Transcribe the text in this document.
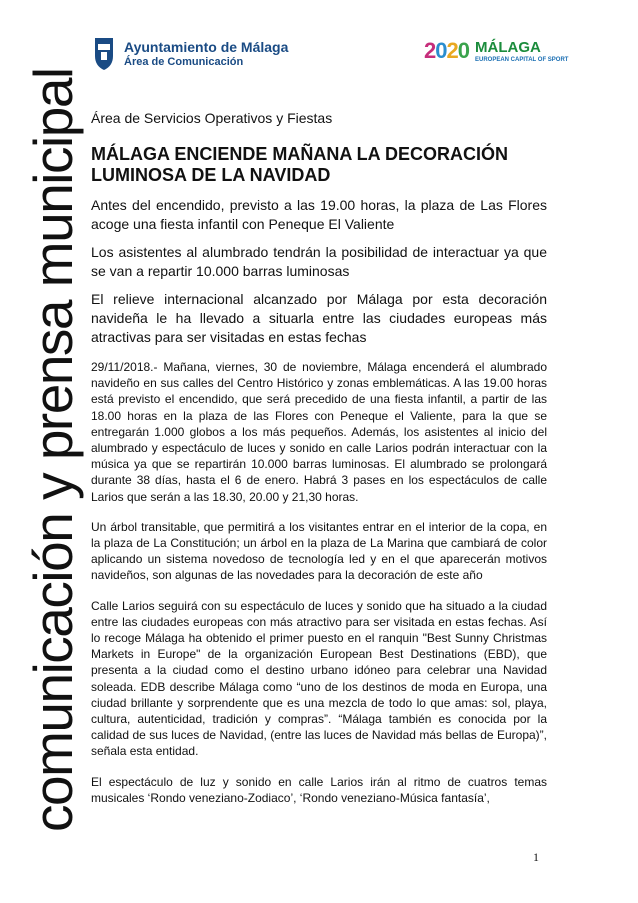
comunicación y prensa municipal
Ayuntamiento de Málaga
Área de Comunicación	2020 MÁLAGA
EUROPEAN CAPITAL OF SPORT

Área de Servicios Operativos y Fiestas

MÁLAGA ENCIENDE MAÑANA LA DECORACIÓN LUMINOSA DE LA NAVIDAD

Antes del encendido, previsto a las 19.00 horas, la plaza de Las Flores acoge una fiesta infantil con Peneque El Valiente

Los asistentes al alumbrado tendrán la posibilidad de interactuar ya que se van a repartir 10.000 barras luminosas

El relieve internacional alcanzado por Málaga por esta decoración navideña le ha llevado a situarla entre las ciudades europeas más atractivas para ser visitadas en estas fechas

29/11/2018.- Mañana, viernes, 30 de noviembre, Málaga encenderá el alumbrado navideño en sus calles del Centro Histórico y zonas emblemáticas. A las 19.00 horas está previsto el encendido, que será precedido de una fiesta infantil, a partir de las 18.00 horas en la plaza de las Flores con Peneque el Valiente, para la que se entregarán 1.000 globos a los más pequeños. Además, los asistentes al inicio del alumbrado y espectáculo de luces y sonido en calle Larios podrán interactuar con la música ya que se repartirán 10.000 barras luminosas. El alumbrado se prolongará durante 38 días, hasta el 6 de enero. Habrá 3 pases en los espectáculos de calle Larios que serán a las 18.30, 20.00 y 21,30 horas.

Un árbol transitable, que permitirá a los visitantes entrar en el interior de la copa, en la plaza de La Constitución; un árbol en la plaza de La Marina que cambiará de color aplicando un sistema novedoso de tecnología led y en el que aparecerán motivos navideños, son algunas de las novedades para la decoración de este año

Calle Larios seguirá con su espectáculo de luces y sonido que ha situado a la ciudad entre las ciudades europeas con más atractivo para ser visitada en estas fechas. Así lo recoge Málaga ha obtenido el primer puesto en el ranquin "Best Sunny Christmas Markets in Europe" de la organización European Best Destinations (EBD), que presenta a la ciudad como el destino urbano idóneo para celebrar una Navidad soleada. EDB describe Málaga como “uno de los destinos de moda en Europa, una ciudad brillante y sorprendente que es una mezcla de todo lo que amas: sol, playa, cultura, autenticidad, tradición y compras”. “Málaga también es conocida por la calidad de sus luces de Navidad, (entre las luces de Navidad más bellas de Europa)”, señala esta entidad.

El espectáculo de luz y sonido en calle Larios irán al ritmo de cuatros temas musicales ‘Rondo veneziano-Zodiaco’, ‘Rondo veneziano-Música fantasía’,

1
